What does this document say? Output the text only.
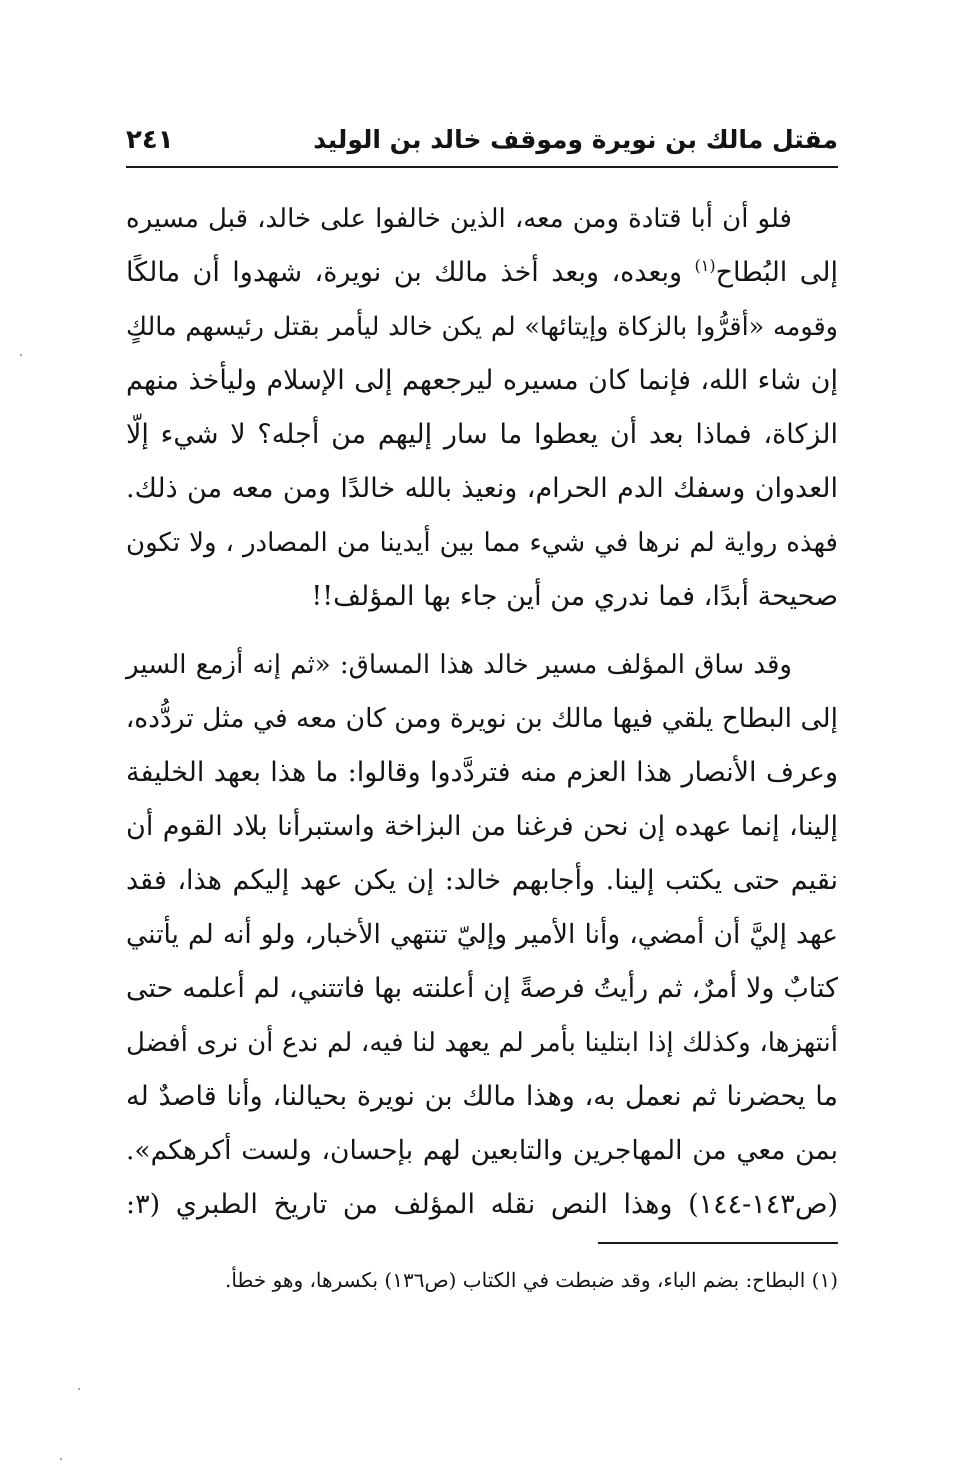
مقتل مالك بن نويرة وموقف خالد بن الوليد
٢٤١
فلو أن أبا قتادة ومن معه، الذين خالفوا على خالد، قبل مسيره
إلى البُطاح$^{(١)}$ وبعده، وبعد أخذ مالك بن نويرة، شهدوا أن مالكًا
وقومه «أقرُّوا بالزكاة وإيتائها» لم يكن خالد ليأمر بقتل رئيسهم مالكٍ
إن شاء الله، فإنما كان مسيره ليرجعهم إلى الإسلام وليأخذ منهم
الزكاة، فماذا بعد أن يعطوا ما سار إليهم من أجله؟ لا شيء إلّا
العدوان وسفك الدم الحرام، ونعيذ بالله خالدًا ومن معه من ذلك.
فهذه رواية لم نرها في شيء مما بين أيدينا من المصادر ، ولا تكون
صحيحة أبدًا، فما ندري من أين جاء بها المؤلف!!
وقد ساق المؤلف مسير خالد هذا المساق: «ثم إنه أزمع السير
إلى البطاح يلقي فيها مالك بن نويرة ومن كان معه في مثل تردُّده،
وعرف الأنصار هذا العزم منه فتردَّدوا وقالوا: ما هذا بعهد الخليفة
إلينا، إنما عهده إن نحن فرغنا من البزاخة واستبرأنا بلاد القوم أن
نقيم حتى يكتب إلينا. وأجابهم خالد: إن يكن عهد إليكم هذا، فقد
عهد إليَّ أن أمضي، وأنا الأمير وإليّ تنتهي الأخبار، ولو أنه لم يأتني
كتابٌ ولا أمرٌ، ثم رأيتُ فرصةً إن أعلنته بها فاتتني، لم أعلمه حتى
أنتهزها، وكذلك إذا ابتلينا بأمر لم يعهد لنا فيه، لم ندع أن نرى أفضل
ما يحضرنا ثم نعمل به، وهذا مالك بن نويرة بحيالنا، وأنا قاصدٌ له
بمن معي من المهاجرين والتابعين لهم بإحسان، ولست أكرهكم».
(ص١٤٣-١٤٤) وهذا النص نقله المؤلف من تاريخ الطبري (٣:
(١) البطاح: بضم الباء، وقد ضبطت في الكتاب (ص١٣٦) بكسرها، وهو خطأ.
